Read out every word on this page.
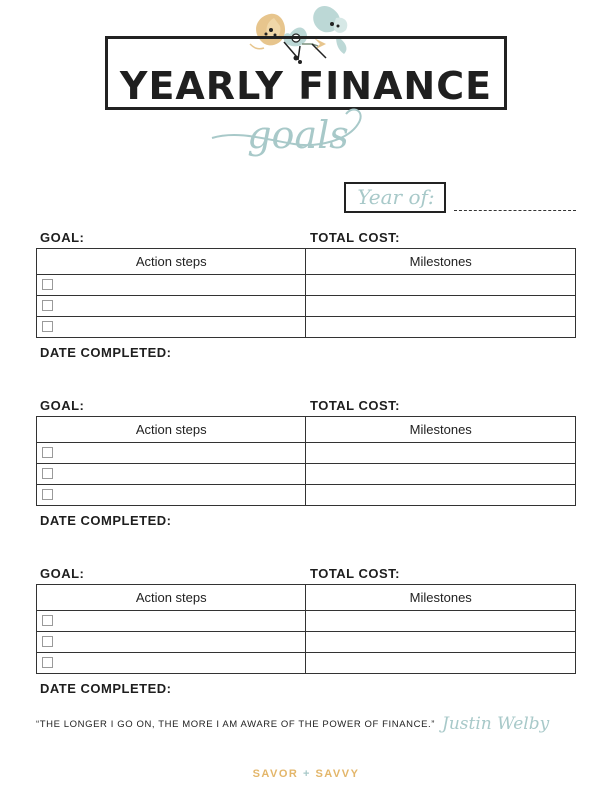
YEARLY FINANCE
goals
Year of:
GOAL:	TOTAL COST:
Action steps	Milestones

DATE COMPLETED:
GOAL:	TOTAL COST:
Action steps	Milestones

DATE COMPLETED:
GOAL:	TOTAL COST:
Action steps	Milestones

DATE COMPLETED:
“THE LONGER I GO ON, THE MORE I AM AWARE OF THE POWER OF FINANCE.” Justin Welby
SAVOR + SAVVY
